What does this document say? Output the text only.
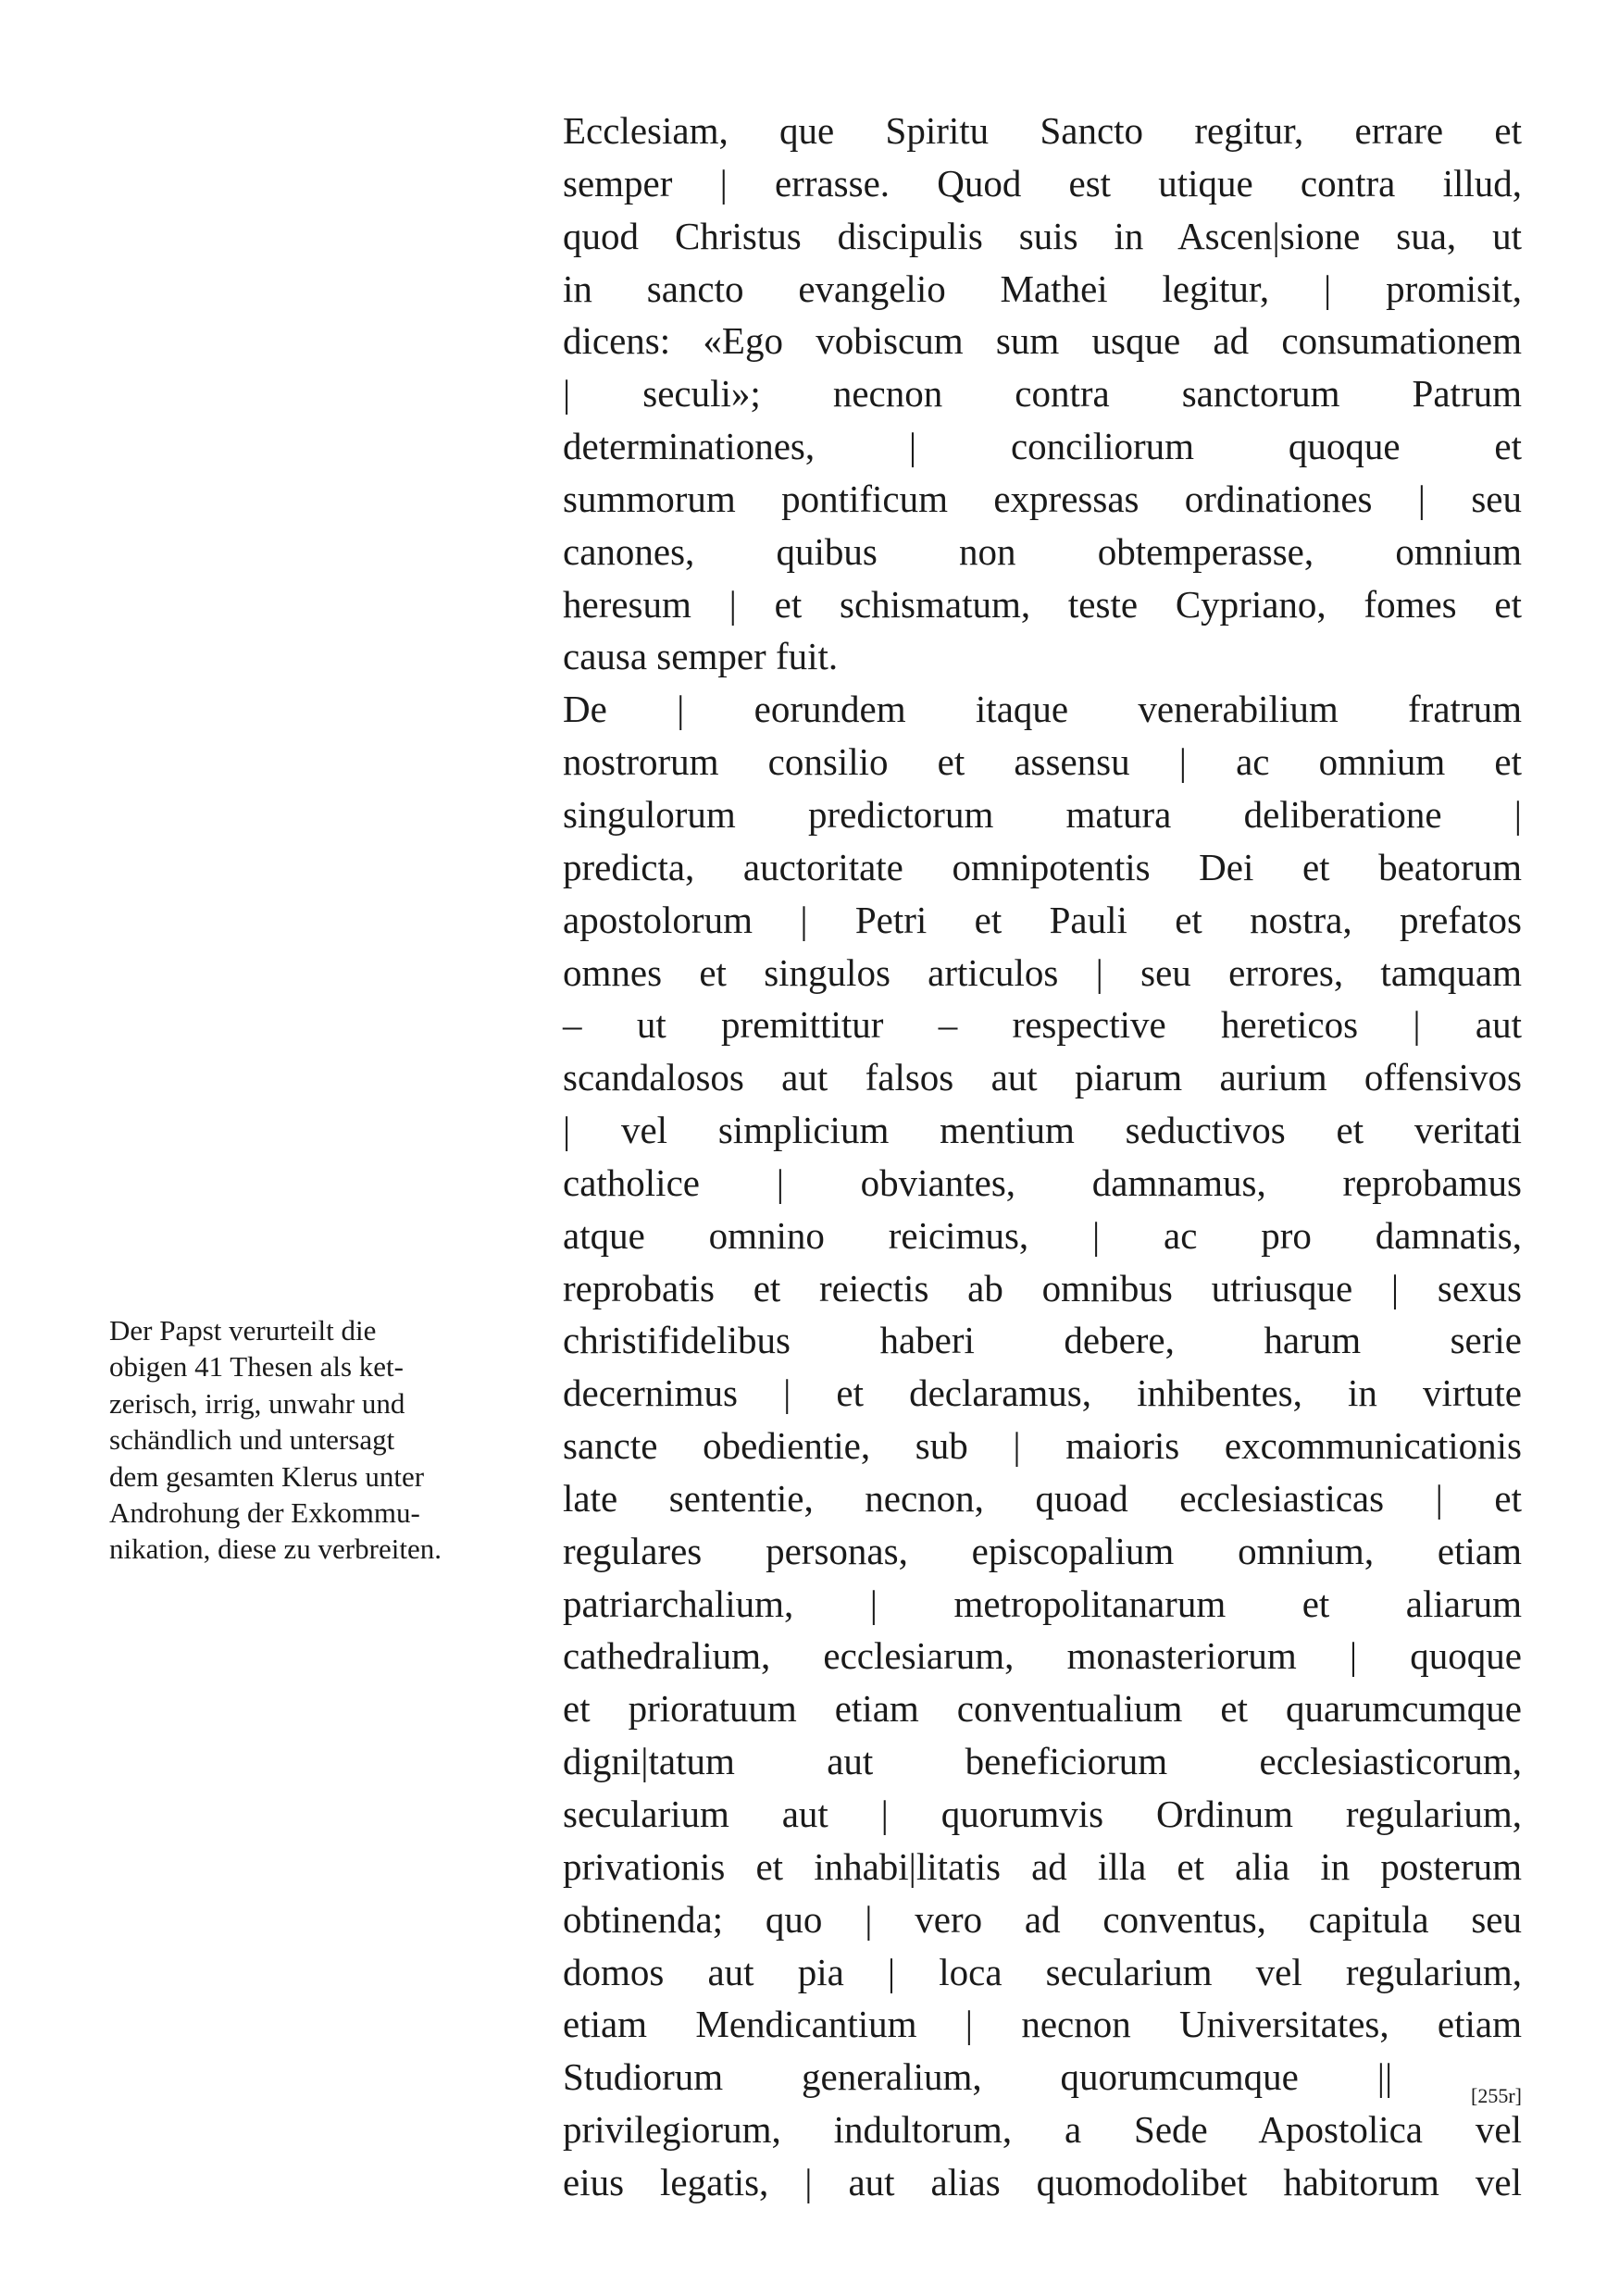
Ecclesiam, que Spiritu Sancto regitur, errare et
semper | errasse. Quod est utique contra illud,
quod Christus discipulis suis in Ascen|sione sua, ut
in sancto evangelio Mathei legitur, | promisit,
dicens: «Ego vobiscum sum usque ad consumationem
| seculi»; necnon contra sanctorum Patrum
determinationes, | conciliorum quoque et
summorum pontificum expressas ordinationes | seu
canones, quibus non obtemperasse, omnium
heresum | et schismatum, teste Cypriano, fomes et
causa semper fuit.
De | eorundem itaque venerabilium fratrum
nostrorum consilio et assensu | ac omnium et
singulorum predictorum matura deliberatione |
predicta, auctoritate omnipotentis Dei et beatorum
apostolorum | Petri et Pauli et nostra, prefatos
omnes et singulos articulos | seu errores, tamquam
– ut premittitur – respective hereticos | aut
scandalosos aut falsos aut piarum aurium offensivos
| vel simplicium mentium seductivos et veritati
catholice | obviantes, damnamus, reprobamus
atque omnino reicimus, | ac pro damnatis,
reprobatis et reiectis ab omnibus utriusque | sexus
christifidelibus haberi debere, harum serie
decernimus | et declaramus, inhibentes, in virtute
sancte obedientie, sub | maioris excommunicationis
late sententie, necnon, quoad ecclesiasticas | et
regulares personas, episcopalium omnium, etiam
patriarchalium, | metropolitanarum et aliarum
cathedralium, ecclesiarum, monasteriorum | quoque
et prioratuum etiam conventualium et quarumcumque
digni|tatum aut beneficiorum ecclesiasticorum,
secularium aut | quorumvis Ordinum regularium,
privationis et inhabi|litatis ad illa et alia in posterum
obtinenda; quo | vero ad conventus, capitula seu
domos aut pia | loca secularium vel regularium,
etiam Mendicantium | necnon Universitates, etiam
Studiorum generalium, quorumcumque ||	$_{[255r]}$
privilegiorum, indultorum, a Sede Apostolica vel
eius legatis, | aut alias quomodolibet habitorum vel
Der Papst verurteilt die
obigen 41 Thesen als ket-
zerisch, irrig, unwahr und
schändlich und untersagt
dem gesamten Klerus unter
Androhung der Exkommu-
nikation, diese zu verbreiten.
